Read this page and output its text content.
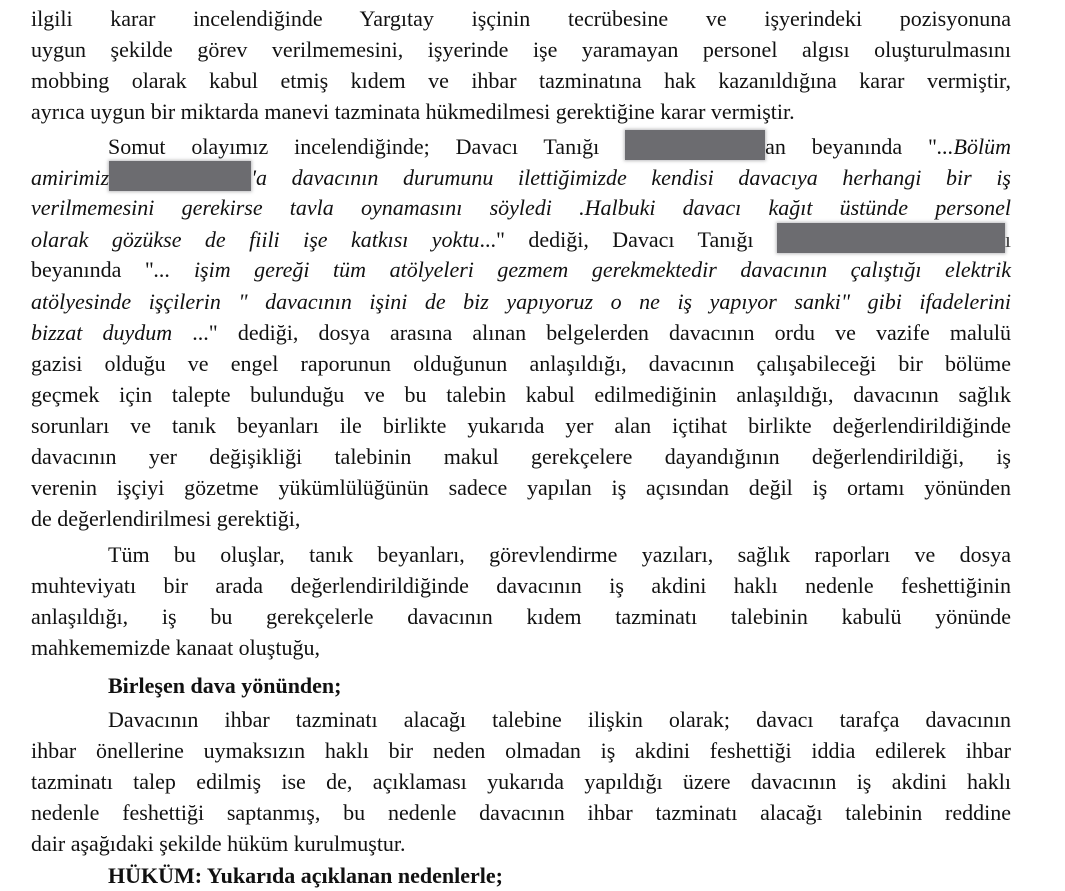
ilgili karar incelendiğinde Yargıtay işçinin tecrübesine ve işyerindeki pozisyonuna
uygun şekilde görev verilmemesini, işyerinde işe yaramayan personel algısı oluşturulmasını
mobbing olarak kabul etmiş kıdem ve ihbar tazminatına hak kazanıldığına karar vermiştir,
ayrıca uygun bir miktarda manevi tazminata hükmedilmesi gerektiğine karar vermiştir.
Somut olayımız incelendiğinde; Davacı Tanığı	an beyanında "...Bölüm
amirimiz	'a davacının durumunu ilettiğimizde kendisi davacıya herhangi bir iş
verilmemesini gerekirse tavla oynamasını söyledi .Halbuki davacı kağıt üstünde personel
olarak gözükse de fiili işe katkısı yoktu..." dediği, Davacı Tanığı	ı
beyanında "... işim gereği tüm atölyeleri gezmem gerekmektedir davacının çalıştığı elektrik
atölyesinde işçilerin " davacının işini de biz yapıyoruz o ne iş yapıyor sanki" gibi ifadelerini
bizzat duydum ..." dediği, dosya arasına alınan belgelerden davacının ordu ve vazife malulü
gazisi olduğu ve engel raporunun olduğunun anlaşıldığı, davacının çalışabileceği bir bölüme
geçmek için talepte bulunduğu ve bu talebin kabul edilmediğinin anlaşıldığı, davacının sağlık
sorunları ve tanık beyanları ile birlikte yukarıda yer alan içtihat birlikte değerlendirildiğinde
davacının yer değişikliği talebinin makul gerekçelere dayandığının değerlendirildiği, iş
verenin işçiyi gözetme yükümlülüğünün sadece yapılan iş açısından değil iş ortamı yönünden
de değerlendirilmesi gerektiği,
Tüm bu oluşlar, tanık beyanları, görevlendirme yazıları, sağlık raporları ve dosya
muhteviyatı bir arada değerlendirildiğinde davacının iş akdini haklı nedenle feshettiğinin
anlaşıldığı, iş bu gerekçelerle davacının kıdem tazminatı talebinin kabulü yönünde
mahkememizde kanaat oluştuğu,
Birleşen dava yönünden;
Davacının ihbar tazminatı alacağı talebine ilişkin olarak; davacı tarafça davacının
ihbar önellerine uymaksızın haklı bir neden olmadan iş akdini feshettiği iddia edilerek ihbar
tazminatı talep edilmiş ise de, açıklaması yukarıda yapıldığı üzere davacının iş akdini haklı
nedenle feshettiği saptanmış, bu nedenle davacının ihbar tazminatı alacağı talebinin reddine
dair aşağıdaki şekilde hüküm kurulmuştur.
HÜKÜM: Yukarıda açıklanan nedenlerle;
